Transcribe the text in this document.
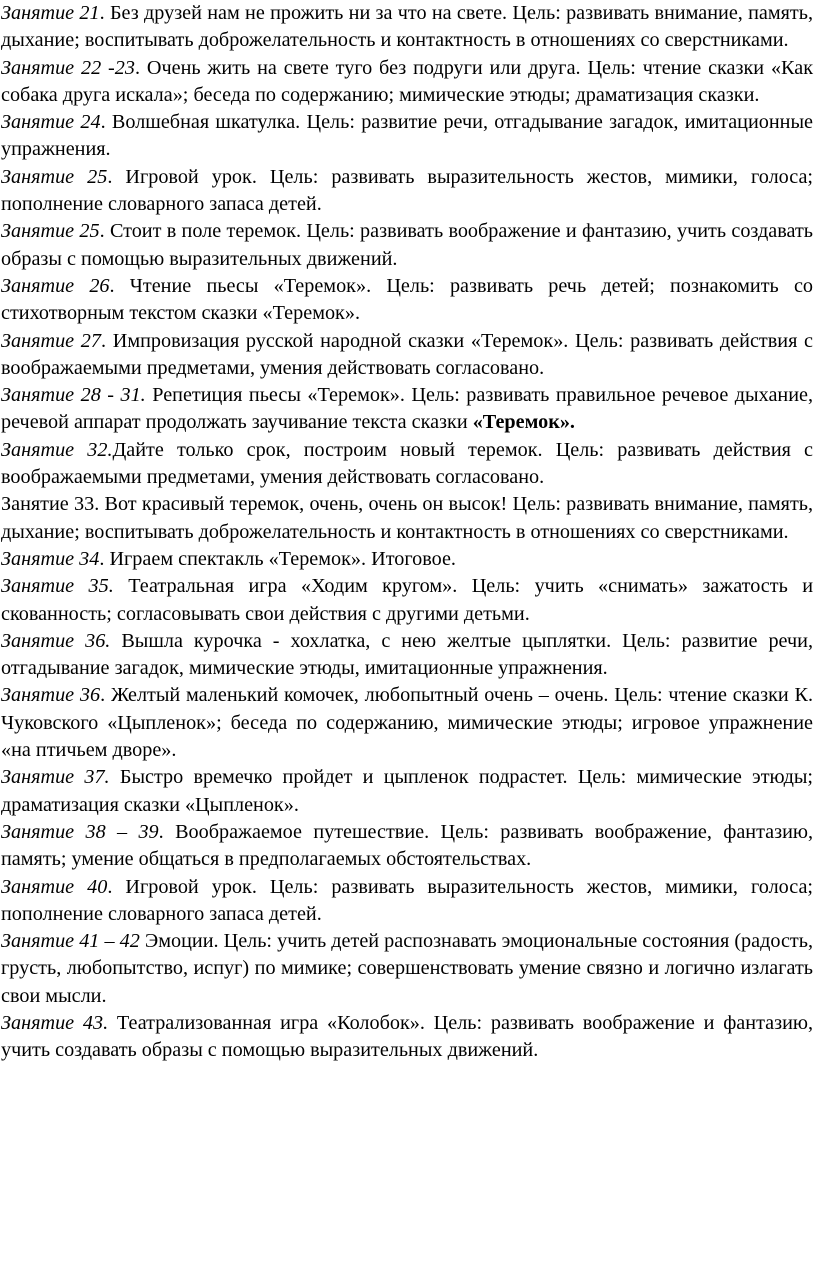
Занятие 21. Без друзей нам не прожить ни за что на свете. Цель: развивать внимание, память, дыхание; воспитывать доброжелательность и контактность в отношениях со сверстниками.

Занятие 22 -23. Очень жить на свете туго без подруги или друга. Цель: чтение сказки «Как собака друга искала»; беседа по содержанию; мимические этюды; драматизация сказки.

Занятие 24. Волшебная шкатулка. Цель: развитие речи, отгадывание загадок, имитационные упражнения.

Занятие 25. Игровой урок. Цель: развивать выразительность жестов, мимики, голоса; пополнение словарного запаса детей.

Занятие 25. Стоит в поле теремок. Цель: развивать воображение и фантазию, учить создавать образы с помощью выразительных движений.

Занятие 26. Чтение пьесы «Теремок». Цель: развивать речь детей; познакомить со стихотворным текстом сказки «Теремок».

Занятие 27. Импровизация русской народной сказки «Теремок». Цель: развивать действия с воображаемыми предметами, умения действовать согласовано.

Занятие 28 - 31. Репетиция пьесы «Теремок». Цель: развивать правильное речевое дыхание, речевой аппарат продолжать заучивание текста сказки «Теремок».

Занятие 32.Дайте только срок, построим новый теремок. Цель: развивать действия с воображаемыми предметами, умения действовать согласовано.

Занятие 33. Вот красивый теремок, очень, очень он высок! Цель: развивать внимание, память, дыхание; воспитывать доброжелательность и контактность в отношениях со сверстниками.

Занятие 34. Играем спектакль «Теремок». Итоговое.

Занятие 35. Театральная игра «Ходим кругом». Цель: учить «снимать» зажатость и скованность; согласовывать свои действия с другими детьми.

Занятие 36. Вышла курочка - хохлатка, с нею желтые цыплятки. Цель: развитие речи, отгадывание загадок, мимические этюды, имитационные упражнения.

Занятие 36. Желтый маленький комочек, любопытный очень – очень. Цель: чтение сказки К. Чуковского «Цыпленок»; беседа по содержанию, мимические этюды; игровое упражнение «на птичьем дворе».

Занятие 37. Быстро времечко пройдет и цыпленок подрастет. Цель: мимические этюды; драматизация сказки «Цыпленок».

Занятие 38 – 39. Воображаемое путешествие. Цель: развивать воображение, фантазию, память; умение общаться в предполагаемых обстоятельствах.

Занятие 40. Игровой урок. Цель: развивать выразительность жестов, мимики, голоса; пополнение словарного запаса детей.

Занятие 41 – 42 Эмоции. Цель: учить детей распознавать эмоциональные состояния (радость, грусть, любопытство, испуг) по мимике; совершенствовать умение связно и логично излагать свои мысли.

Занятие 43. Театрализованная игра «Колобок». Цель: развивать воображение и фантазию, учить создавать образы с помощью выразительных движений.
